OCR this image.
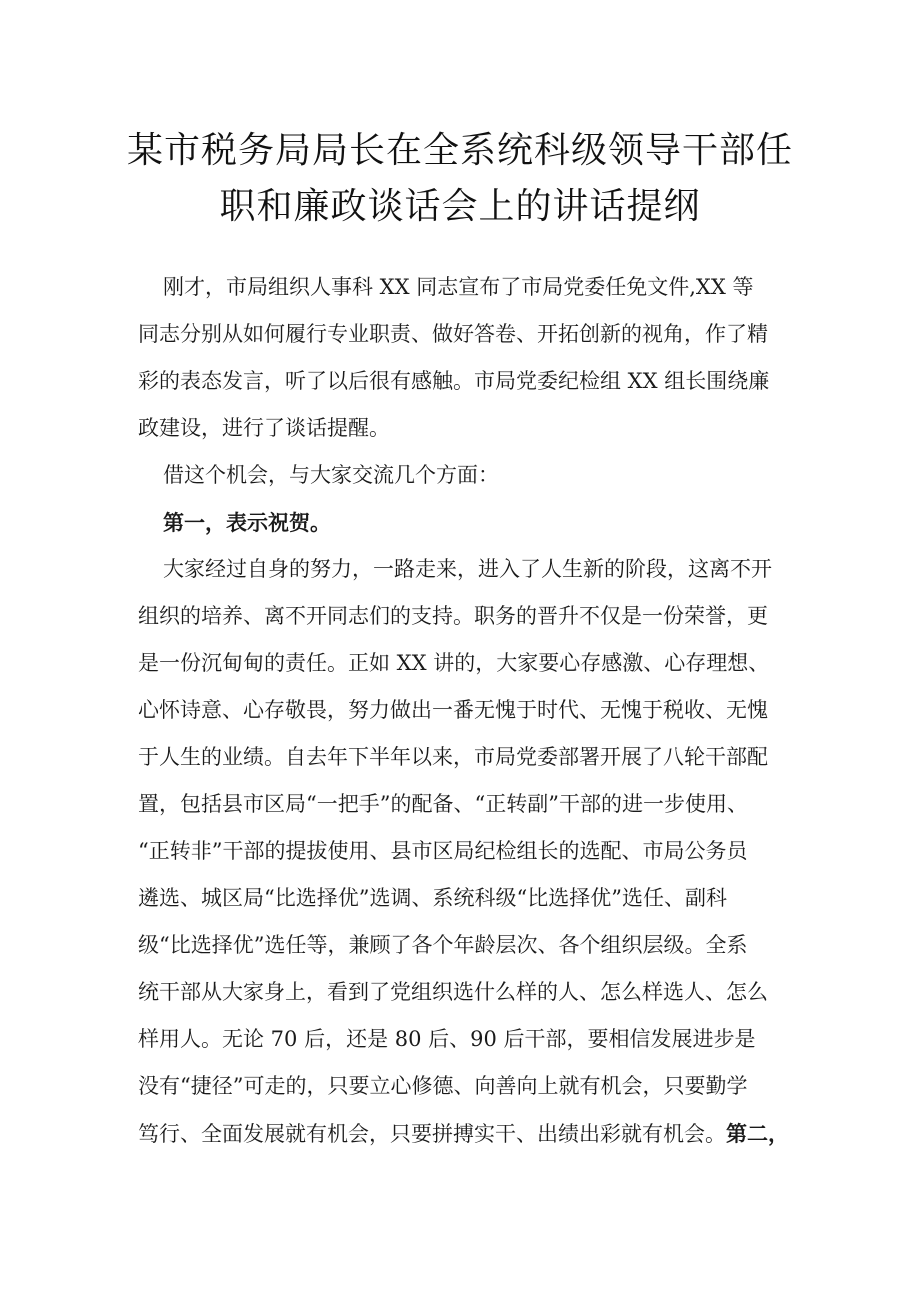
某市税务局局长在全系统科级领导干部任
职和廉政谈话会上的讲话提纲
刚才，市局组织人事科 XX 同志宣布了市局党委任免文件,XX 等
同志分别从如何履行专业职责、做好答卷、开拓创新的视角，作了精
彩的表态发言，听了以后很有感触。市局党委纪检组 XX 组长围绕廉
政建设，进行了谈话提醒。
借这个机会，与大家交流几个方面：
第一，表示祝贺。
大家经过自身的努力，一路走来，进入了人生新的阶段，这离不开
组织的培养、离不开同志们的支持。职务的晋升不仅是一份荣誉，更
是一份沉甸甸的责任。正如 XX 讲的，大家要心存感激、心存理想、
心怀诗意、心存敬畏，努力做出一番无愧于时代、无愧于税收、无愧
于人生的业绩。自去年下半年以来，市局党委部署开展了八轮干部配
置，包括县市区局“一把手”的配备、“正转副”干部的进一步使用、
“正转非”干部的提拔使用、县市区局纪检组长的选配、市局公务员
遴选、城区局“比选择优”选调、系统科级“比选择优”选任、副科
级“比选择优”选任等，兼顾了各个年龄层次、各个组织层级。全系
统干部从大家身上，看到了党组织选什么样的人、怎么样选人、怎么
样用人。无论 70 后，还是 80 后、90 后干部，要相信发展进步是
没有“捷径”可走的，只要立心修德、向善向上就有机会，只要勤学
笃行、全面发展就有机会，只要拼搏实干、出绩出彩就有机会。第二，
